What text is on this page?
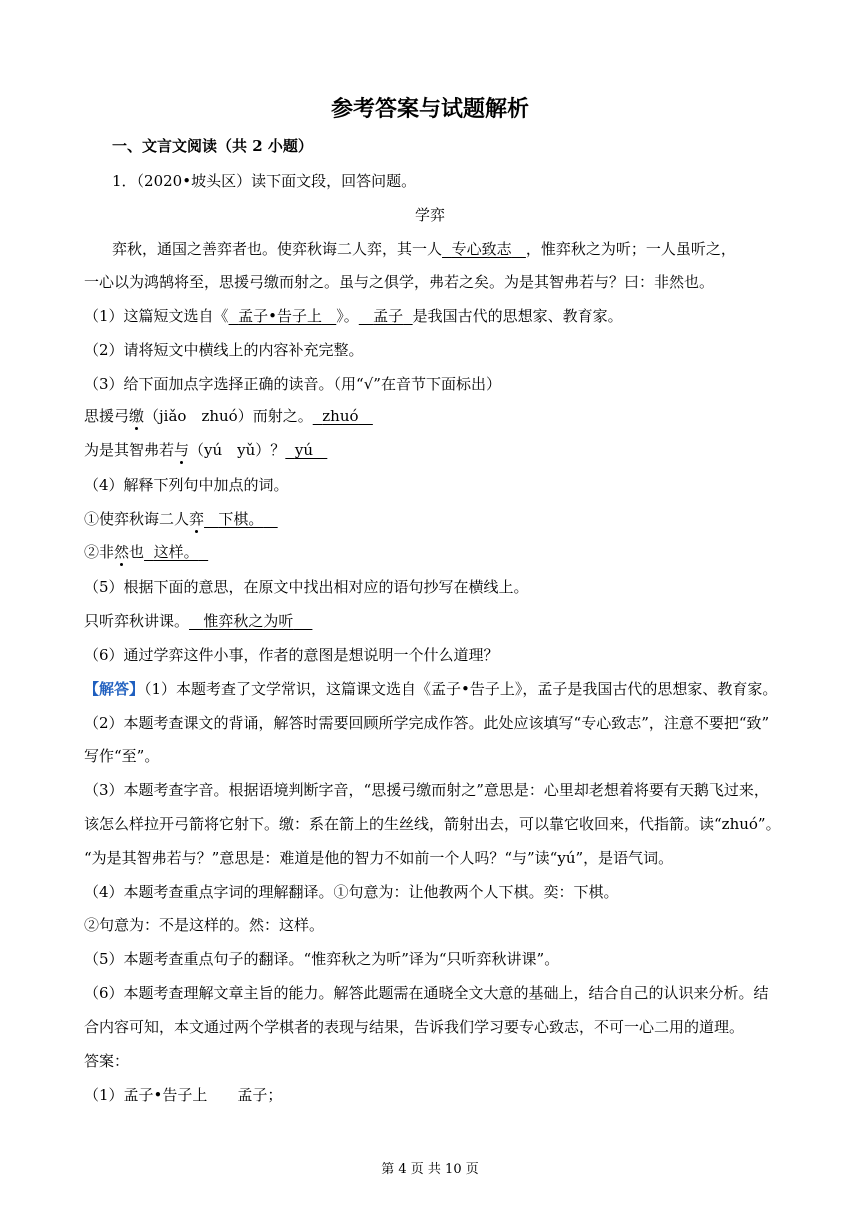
参考答案与试题解析
一、文言文阅读（共 2 小题）
1．（2020•坡头区）读下面文段，回答问题。
学弈
弈秋，通国之善弈者也。使弈秋诲二人弈，其一人 专心致志 ，惟弈秋之为听；一人虽听之，
一心以为鸿鹄将至，思援弓缴而射之。虽与之俱学，弗若之矣。为是其智弗若与？曰：非然也。
（1）这篇短文选自《 孟子•告子上 》。 孟子 是我国古代的思想家、教育家。
（2）请将短文中横线上的内容补充完整。
（3）给下面加点字选择正确的读音。（用“√”在音节下面标出）
思援弓缴（jiǎo　zhuó）而射之。 zhuó
为是其智弗若与（yú　yǔ）？ yú
（4）解释下列句中加点的词。
①使弈秋诲二人弈 下棋。
②非然也 这样。
（5）根据下面的意思，在原文中找出相对应的语句抄写在横线上。
只听弈秋讲课。 惟弈秋之为听
（6）通过学弈这件小事，作者的意图是想说明一个什么道理？
【解答】（1）本题考查了文学常识，这篇课文选自《孟子•告子上》，孟子是我国古代的思想家、教育家。
（2）本题考查课文的背诵，解答时需要回顾所学完成作答。此处应该填写“专心致志”，注意不要把“致”
写作“至”。
（3）本题考查字音。根据语境判断字音，“思援弓缴而射之”意思是：心里却老想着将要有天鹅飞过来，
该怎么样拉开弓箭将它射下。缴：系在箭上的生丝线，箭射出去，可以靠它收回来，代指箭。读“zhuó”。
“为是其智弗若与？”意思是：难道是他的智力不如前一个人吗？“与”读“yú”，是语气词。
（4）本题考查重点字词的理解翻译。①句意为：让他教两个人下棋。奕：下棋。
②句意为：不是这样的。然：这样。
（5）本题考查重点句子的翻译。“惟弈秋之为听”译为“只听弈秋讲课”。
（6）本题考查理解文章主旨的能力。解答此题需在通晓全文大意的基础上，结合自己的认识来分析。结
合内容可知，本文通过两个学棋者的表现与结果，告诉我们学习要专心致志，不可一心二用的道理。
答案：
（1）孟子•告子上　　孟子；
第 4 页 共 10 页
